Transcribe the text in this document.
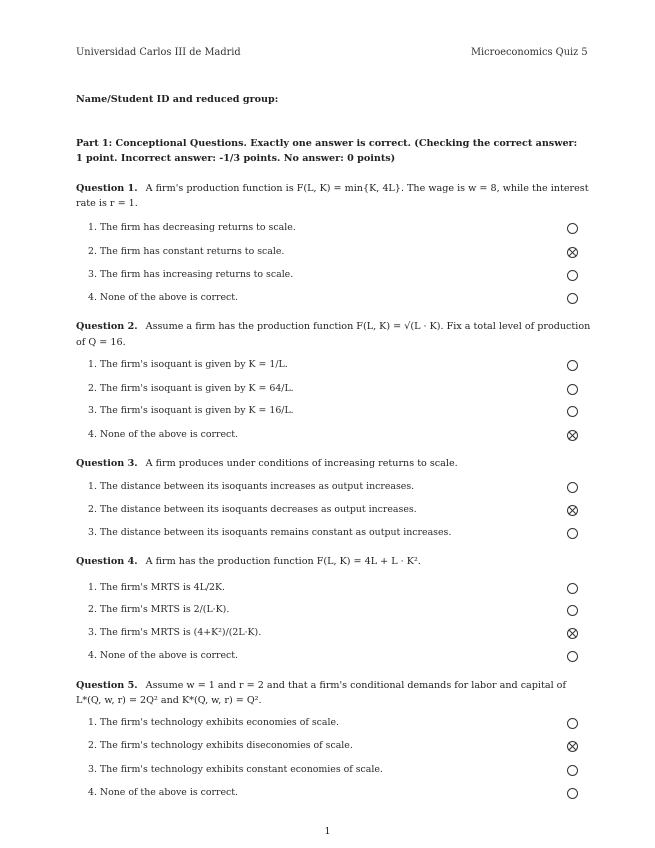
Universidad Carlos III de Madrid	Microeconomics Quiz 5
Name/Student ID and reduced group:
Part 1: Conceptional Questions. Exactly one answer is correct. (Checking the correct answer:
1 point. Incorrect answer: -1/3 points. No answer: 0 points)
Question 1. A firm's production function is F(L, K) = min{K, 4L}. The wage is w = 8, while the interest
rate is r = 1.
1. The firm has decreasing returns to scale.
2. The firm has constant returns to scale.
3. The firm has increasing returns to scale.
4. None of the above is correct.
Question 2. Assume a firm has the production function F(L, K) = √(L · K). Fix a total level of production
of Q = 16.
1. The firm's isoquant is given by K = 1/L.
2. The firm's isoquant is given by K = 64/L.
3. The firm's isoquant is given by K = 16/L.
4. None of the above is correct.
Question 3. A firm produces under conditions of increasing returns to scale.
1. The distance between its isoquants increases as output increases.
2. The distance between its isoquants decreases as output increases.
3. The distance between its isoquants remains constant as output increases.
Question 4. A firm has the production function F(L, K) = 4L + L · K².
1. The firm's MRTS is 4L/2K.
2. The firm's MRTS is 2/(L·K).
3. The firm's MRTS is (4+K²)/(2L·K).
4. None of the above is correct.
Question 5. Assume w = 1 and r = 2 and that a firm's conditional demands for labor and capital of
L*(Q, w, r) = 2Q² and K*(Q, w, r) = Q².
1. The firm's technology exhibits economies of scale.
2. The firm's technology exhibits diseconomies of scale.
3. The firm's technology exhibits constant economies of scale.
4. None of the above is correct.
1
